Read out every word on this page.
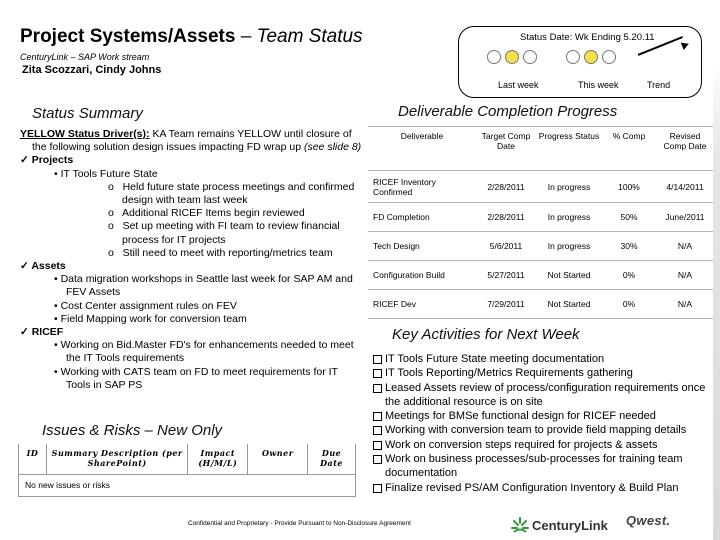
Project Systems/Assets – Team Status
CenturyLink – SAP Work stream
Zita Scozzari, Cindy Johns
Status Date: Wk Ending 5.20.11
Last week	This week	Trend
Status Summary
YELLOW Status Driver(s): KA Team remains YELLOW until closure of the following solution design issues impacting FD wrap up (see slide 8)
✓ Projects
• IT Tools Future State
o   Held future state process meetings and confirmed design with team last week
o   Additional RICEF Items begin reviewed
o   Set up meeting with FI team to review financial process for IT projects
o   Still need to meet with reporting/metrics team
✓ Assets
• Data migration workshops in Seattle last week for SAP AM and FEV Assets
• Cost Center assignment rules on FEV
• Field Mapping work for conversion team
✓ RICEF
• Working on Bid.Master FD's for enhancements needed to meet the IT Tools requirements
• Working with CATS team on FD to meet requirements for IT Tools in SAP PS
Deliverable Completion Progress
Deliverable	Target Comp Date	Progress Status	% Comp	Revised Comp Date
RICEF Inventory Confirmed	2/28/2011	In progress	100%	4/14/2011
FD Completion	2/28/2011	In progress	50%	June/2011
Tech Design	5/6/2011	In progress	30%	N/A
Configuration Build	5/27/2011	Not Started	0%	N/A
RICEF Dev	7/29/2011	Not Started	0%	N/A
Key Activities for Next Week
IT Tools Future State meeting documentation
IT Tools Reporting/Metrics Requirements gathering
Leased Assets review of process/configuration requirements once the additional resource is on site
Meetings for BMSe functional design for RICEF needed
Working with conversion team to provide field mapping details
Work on conversion steps required for projects & assets
Work on business processes/sub-processes for training team documentation
Finalize revised PS/AM Configuration Inventory & Build Plan
Issues & Risks – New Only
ID	Summary Description (per SharePoint)	Impact (H/M/L)	Owner	Due Date
No new issues or risks
Confidential and Proprietary - Provide Pursuant to Non-Disclosure Agreement	CenturyLink Qwest.
